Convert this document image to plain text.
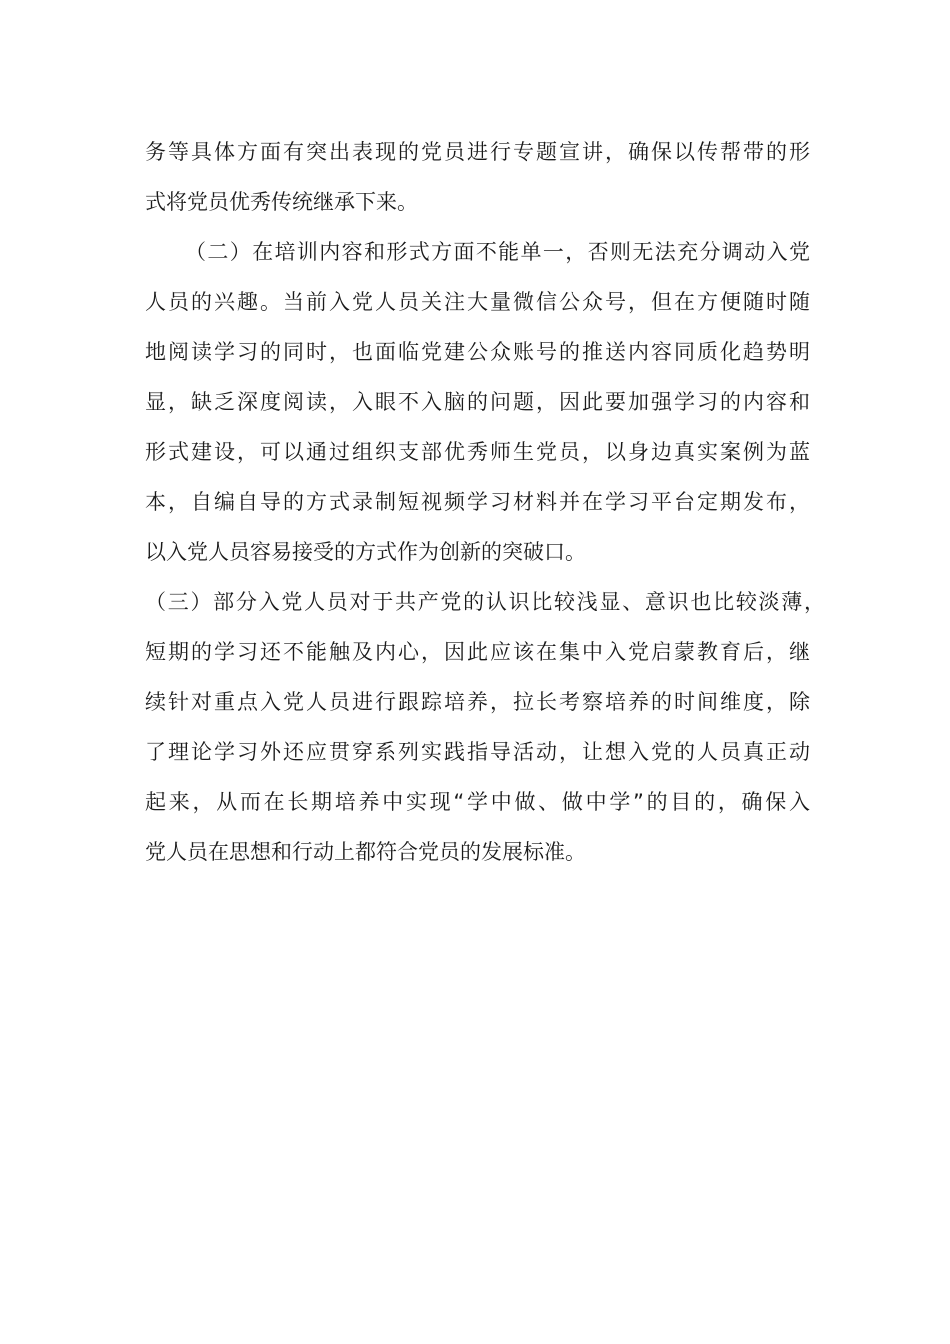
务等具体方面有突出表现的党员进行专题宣讲，确保以传帮带的形
式将党员优秀传统继承下来。
（二）在培训内容和形式方面不能单一，否则无法充分调动入党
人员的兴趣。当前入党人员关注大量微信公众号，但在方便随时随
地阅读学习的同时，也面临党建公众账号的推送内容同质化趋势明
显，缺乏深度阅读，入眼不入脑的问题，因此要加强学习的内容和
形式建设，可以通过组织支部优秀师生党员，以身边真实案例为蓝
本，自编自导的方式录制短视频学习材料并在学习平台定期发布，
以入党人员容易接受的方式作为创新的突破口。
（三）部分入党人员对于共产党的认识比较浅显、意识也比较淡薄，
短期的学习还不能触及内心，因此应该在集中入党启蒙教育后，继
续针对重点入党人员进行跟踪培养，拉长考察培养的时间维度，除
了理论学习外还应贯穿系列实践指导活动，让想入党的人员真正动
起来，从而在长期培养中实现“学中做、做中学”的目的，确保入
党人员在思想和行动上都符合党员的发展标准。
